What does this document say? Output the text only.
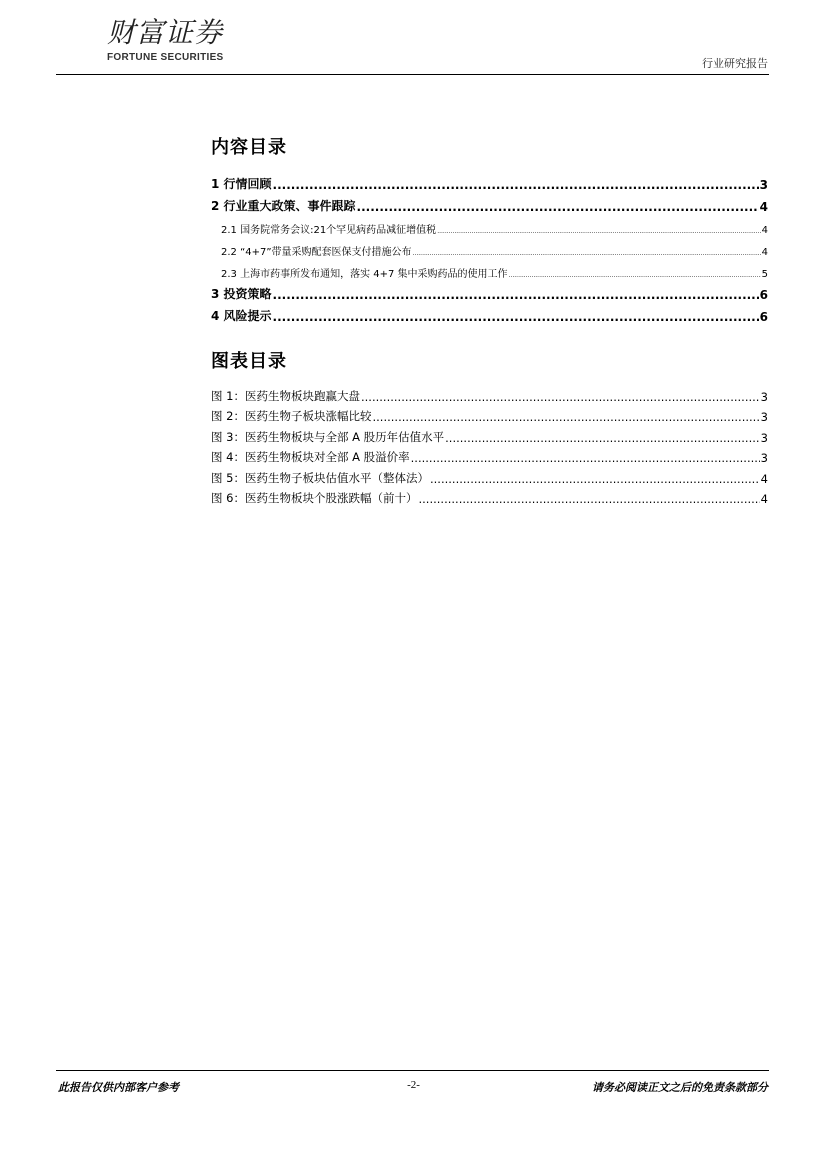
财富证券
FORTUNE SECURITIES	行业研究报告
内容目录
1 行情回顾 .....	3
2 行业重大政策、事件跟踪 .....	4
2.1 国务院常务会议:21个罕见病药品减征增值税 .....	4
2.2 “4+7”带量采购配套医保支付措施公布 .....	4
2.3 上海市药事所发布通知，落实 4+7 集中采购药品的使用工作 .....	5
3 投资策略 .....	6
4 风险提示 .....	6
图表目录
图 1：医药生物板块跑赢大盘 .....	3
图 2：医药生物子板块涨幅比较 .....	3
图 3：医药生物板块与全部 A 股历年估值水平 .....	3
图 4：医药生物板块对全部 A 股溢价率 .....	3
图 5：医药生物子板块估值水平（整体法） .....	4
图 6：医药生物板块个股涨跌幅（前十） .....	4
此报告仅供内部客户参考	-2-	请务必阅读正文之后的免责条款部分
